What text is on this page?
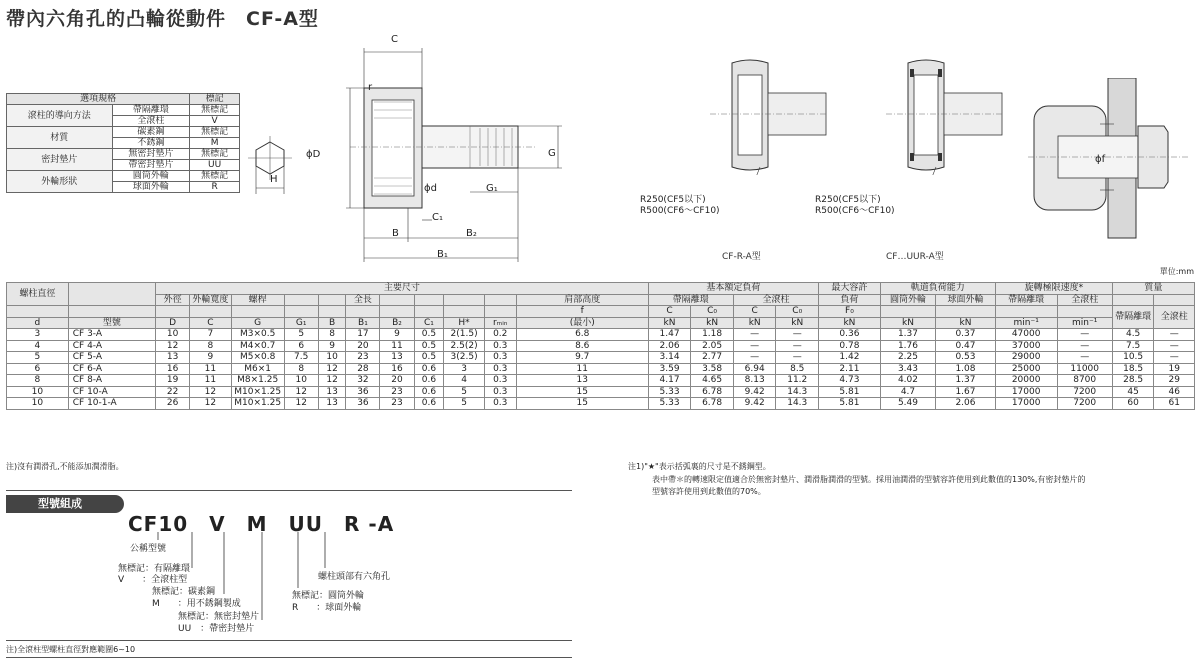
帶內六角孔的凸輪從動件　CF-A型
選項規格		標記
滾柱的導向方法	帶隔離環	無標記
	全滾柱	V
材質	碳素鋼	無標記
	不銹鋼	M
密封墊片	無密封墊片	無標記
	帶密封墊片	UU
外輪形狀	圓筒外輪	無標記
	球面外輪	R
H
C
r
ϕD	G
ϕd	G₁
C₁
B	B₂
B₁
R250(CF5以下)
R500(CF6～CF10)
CF-R-A型
R250(CF5以下)
R500(CF6～CF10)
CF…UUR-A型
ϕf
單位:mm
螺柱直徑		主要尺寸											基本額定負荷				最大容許	軌道負荷能力		旋轉極限速度*		質量	
		外徑	外輪寬度	螺桿			全長					肩部高度	帶隔離環		全滾柱		負荷	圓筒外輪	球面外輪	帶隔離環	全滾柱		
												f	C	C₀	C	C₀	F₀					帶隔離環	全滾柱
d	型號	D	C	G	G₁	B	B₁	B₂	C₁	H*	rₘᵢₙ	(最小)	kN	kN	kN	kN	kN	kN	kN	min⁻¹	min⁻¹		
3	CF 3-A	10	7	M3×0.5	5	8	17	9	0.5	2(1.5)	0.2	6.8	1.47	1.18	—	—	0.36	1.37	0.37	47000	—	4.5	—
4	CF 4-A	12	8	M4×0.7	6	9	20	11	0.5	2.5(2)	0.3	8.6	2.06	2.05	—	—	0.78	1.76	0.47	37000	—	7.5	—
5	CF 5-A	13	9	M5×0.8	7.5	10	23	13	0.5	3(2.5)	0.3	9.7	3.14	2.77	—	—	1.42	2.25	0.53	29000	—	10.5	—
6	CF 6-A	16	11	M6×1	8	12	28	16	0.6	3	0.3	11	3.59	3.58	6.94	8.5	2.11	3.43	1.08	25000	11000	18.5	19
8	CF 8-A	19	11	M8×1.25	10	12	32	20	0.6	4	0.3	13	4.17	4.65	8.13	11.2	4.73	4.02	1.37	20000	8700	28.5	29
10	CF 10-A	22	12	M10×1.25	12	13	36	23	0.6	5	0.3	15	5.33	6.78	9.42	14.3	5.81	4.7	1.67	17000	7200	45	46
10	CF 10-1-A	26	12	M10×1.25	12	13	36	23	0.6	5	0.3	15	5.33	6.78	9.42	14.3	5.81	5.49	2.06	17000	7200	60	61
注)沒有潤滑孔,不能添加潤滑脂。	注1)"★"表示括弧裏的尺寸是不銹鋼型。
表中帶＊的轉速限定值適合於無密封墊片、潤滑脂潤滑的型號。採用油潤滑的型號容許使用到此數值的130%,有密封墊片的
型號容許使用到此數值的70%。
型號組成
CF10　V　M　UU　R -A
公稱型號
無標記：有隔離環
V　　：全滾柱型
無標記：碳素鋼
M　　：用不銹鋼製成
無標記：無密封墊片
UU　：帶密封墊片
無標記：圓筒外輪
R　　：球面外輪
螺柱頭部有六角孔
注)全滾柱型螺柱直徑對應範圍6~10
